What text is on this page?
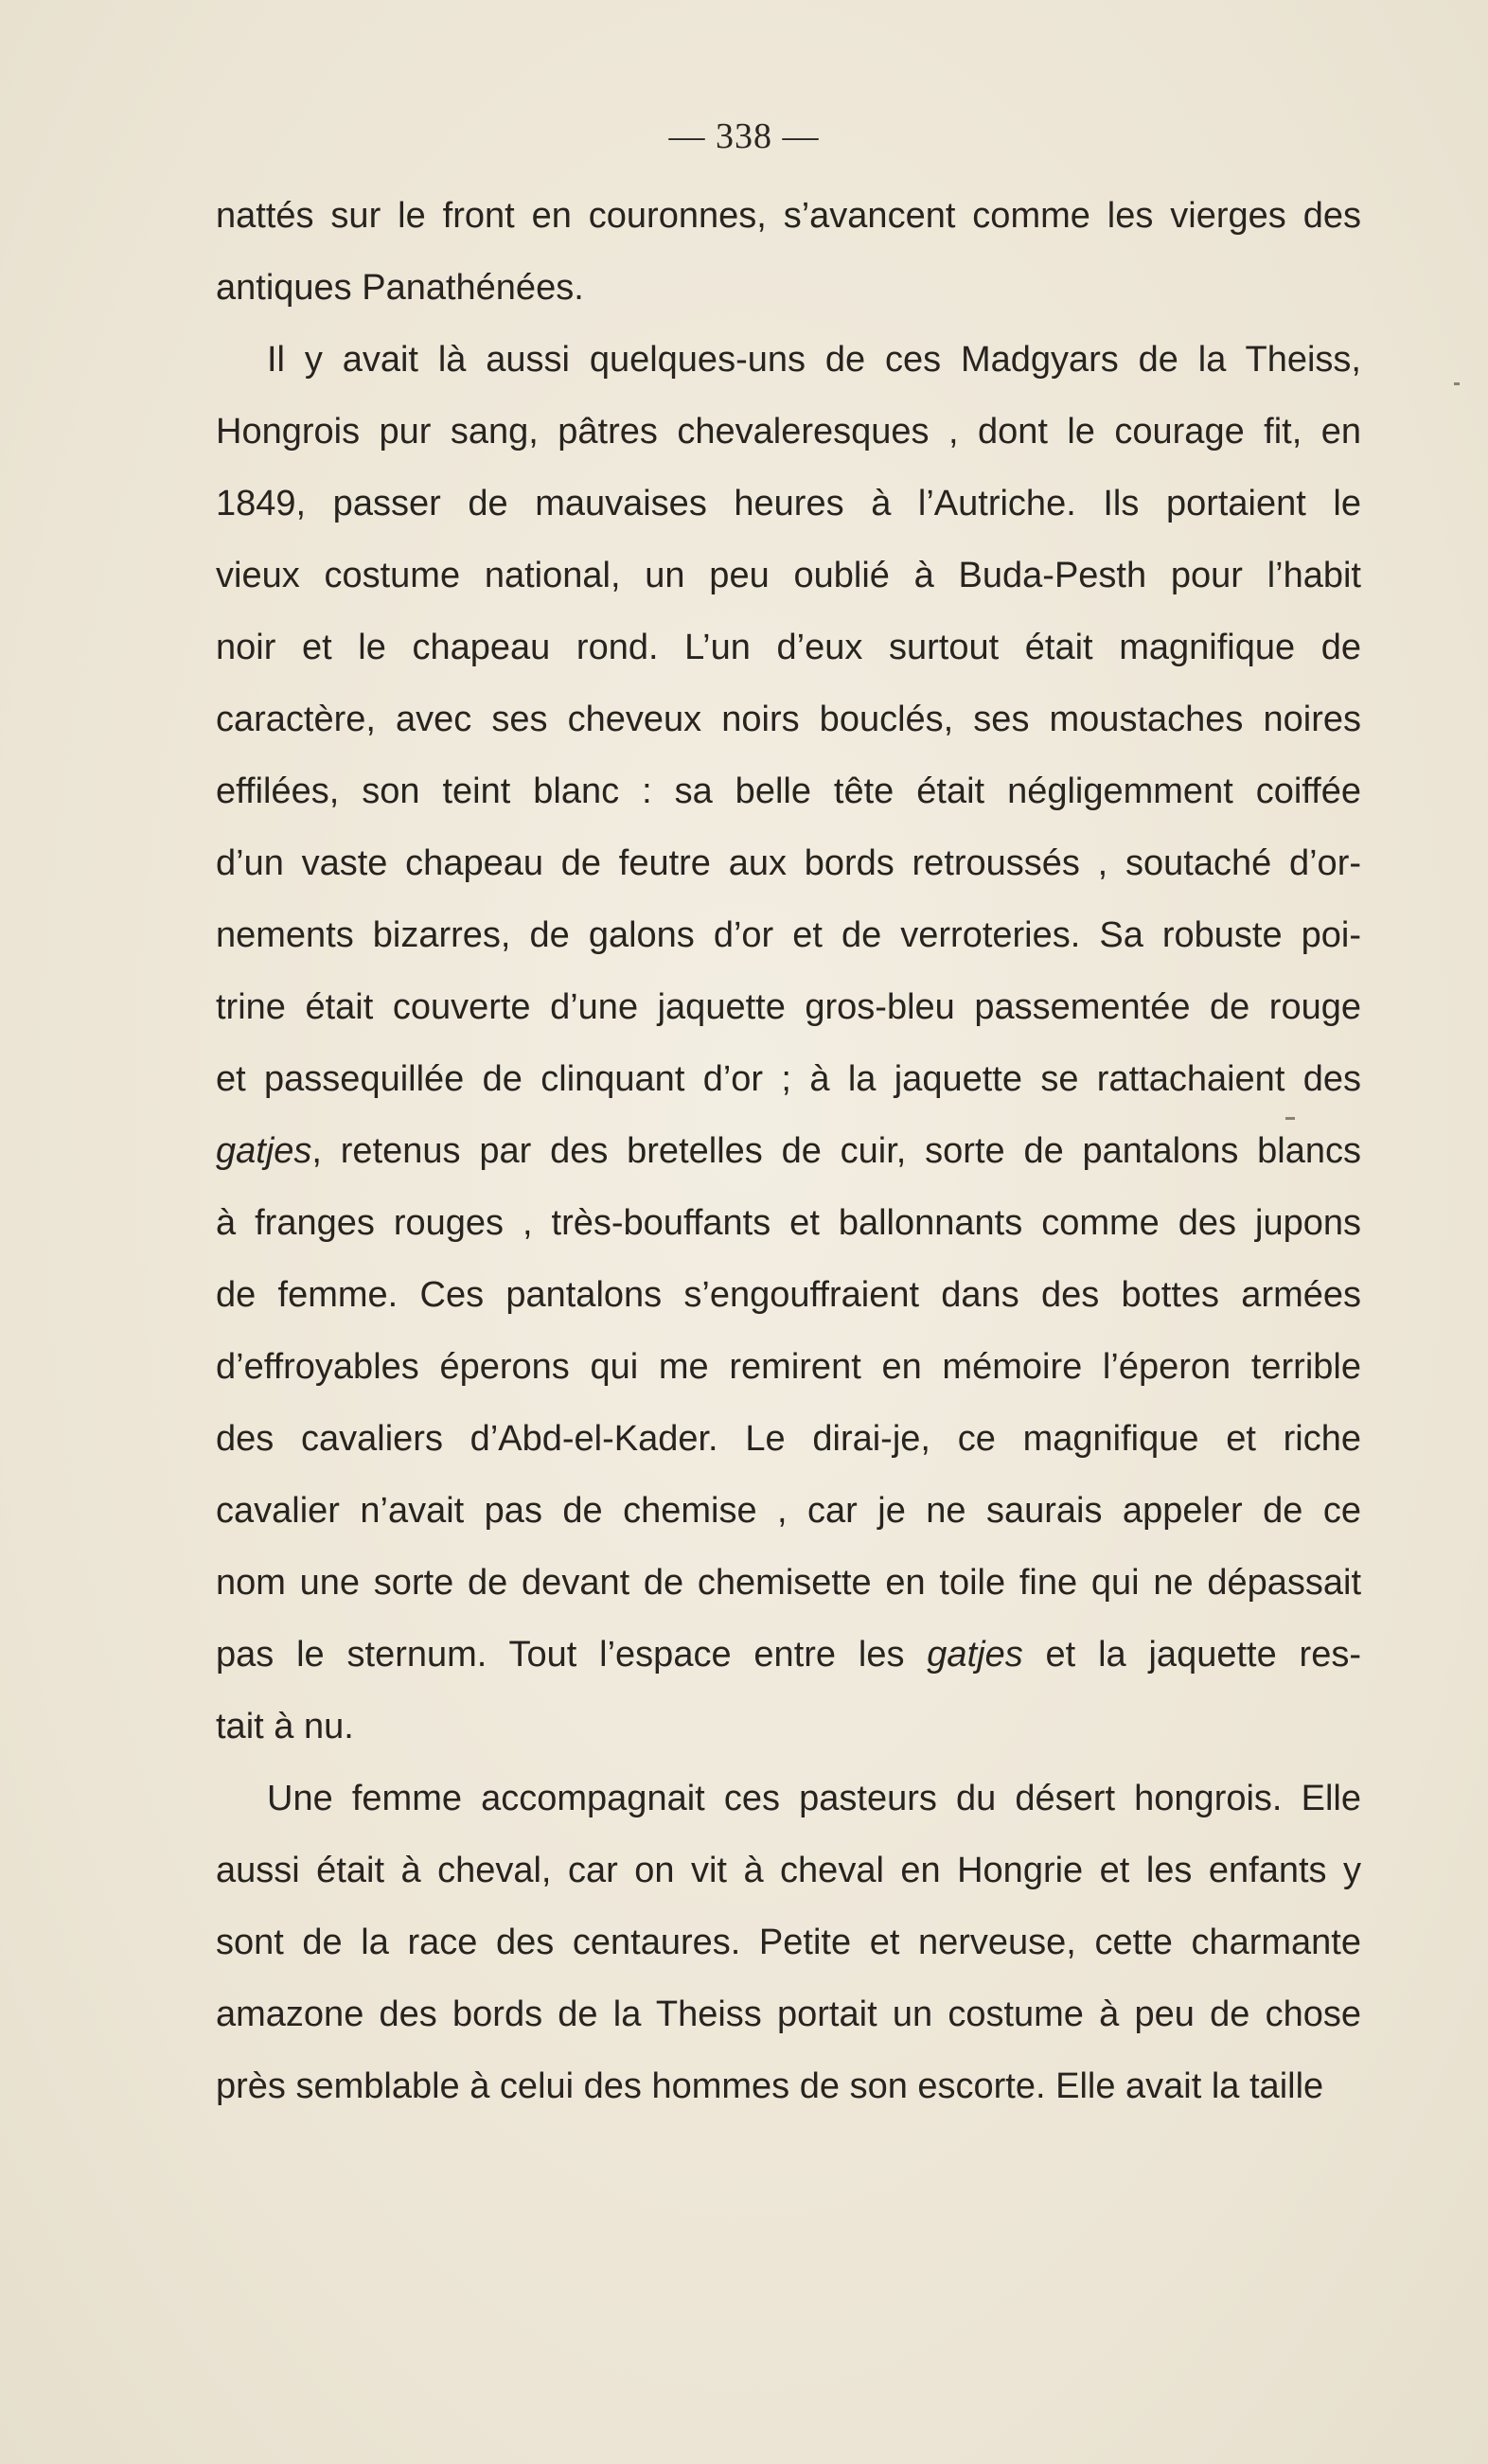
— 338 —
nattés sur le front en couronnes, s’avancent comme les vierges des
antiques Panathénées.
Il y avait là aussi quelques-uns de ces Madgyars de la Theiss,
Hongrois pur sang, pâtres chevaleresques , dont le courage fit, en
1849, passer de mauvaises heures à l’Autriche. Ils portaient le
vieux costume national, un peu oublié à Buda-Pesth pour l’habit
noir et le chapeau rond. L’un d’eux surtout était magnifique de
caractère, avec ses cheveux noirs bouclés, ses moustaches noires
effilées, son teint blanc : sa belle tête était négligemment coiffée
d’un vaste chapeau de feutre aux bords retroussés , soutaché d’or-
nements bizarres, de galons d’or et de verroteries. Sa robuste poi-
trine était couverte d’une jaquette gros-bleu passementée de rouge
et passequillée de clinquant d’or ; à la jaquette se rattachaient des
gatjes, retenus par des bretelles de cuir, sorte de pantalons blancs
à franges rouges , très-bouffants et ballonnants comme des jupons
de femme. Ces pantalons s’engouffraient dans des bottes armées
d’effroyables éperons qui me remirent en mémoire l’éperon terrible
des cavaliers d’Abd-el-Kader. Le dirai-je, ce magnifique et riche
cavalier n’avait pas de chemise , car je ne saurais appeler de ce
nom une sorte de devant de chemisette en toile fine qui ne dépassait
pas le sternum. Tout l’espace entre les gatjes et la jaquette res-
tait à nu.
Une femme accompagnait ces pasteurs du désert hongrois. Elle
aussi était à cheval, car on vit à cheval en Hongrie et les enfants y
sont de la race des centaures. Petite et nerveuse, cette charmante
amazone des bords de la Theiss portait un costume à peu de chose
près semblable à celui des hommes de son escorte. Elle avait la taille
